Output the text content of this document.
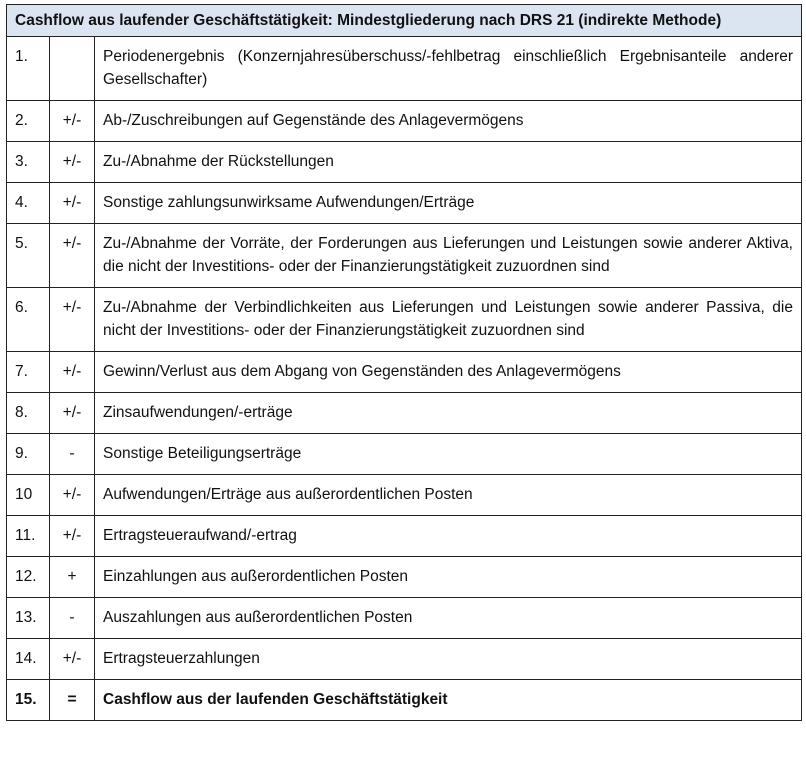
Cashflow aus laufender Geschäftstätigkeit: Mindestgliederung nach DRS 21 (indirekte Methode)		
1.		Periodenergebnis (Konzernjahresüberschuss/-fehlbetrag einschließlich Ergebnisanteile anderer Gesellschafter)
2.	+/-	Ab-/Zuschreibungen auf Gegenstände des Anlagevermögens
3.	+/-	Zu-/Abnahme der Rückstellungen
4.	+/-	Sonstige zahlungsunwirksame Aufwendungen/Erträge
5.	+/-	Zu-/Abnahme der Vorräte, der Forderungen aus Lieferungen und Leistungen sowie anderer Aktiva, die nicht der Investitions- oder der Finanzierungstätigkeit zuzuordnen sind
6.	+/-	Zu-/Abnahme der Verbindlichkeiten aus Lieferungen und Leistungen sowie anderer Passiva, die nicht der Investitions- oder der Finanzierungstätigkeit zuzuordnen sind
7.	+/-	Gewinn/Verlust aus dem Abgang von Gegenständen des Anlagevermögens
8.	+/-	Zinsaufwendungen/-erträge
9.	-	Sonstige Beteiligungserträge
10	+/-	Aufwendungen/Erträge aus außerordentlichen Posten
11.	+/-	Ertragsteueraufwand/-ertrag
12.	+	Einzahlungen aus außerordentlichen Posten
13.	-	Auszahlungen aus außerordentlichen Posten
14.	+/-	Ertragsteuerzahlungen
15.	=	Cashflow aus der laufenden Geschäftstätigkeit
